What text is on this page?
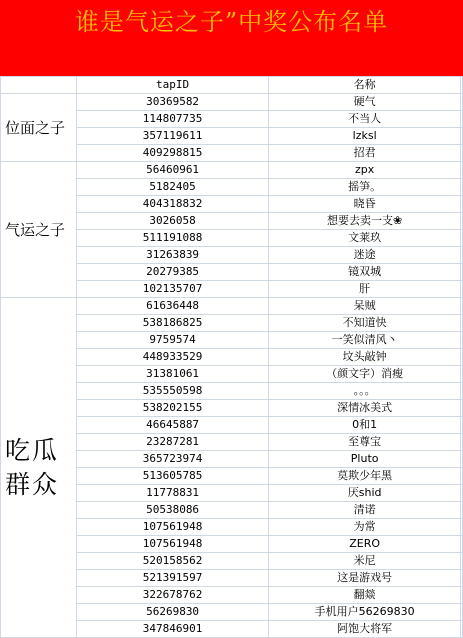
谁是气运之子”中奖公布名单
	tapID	名称	
位面之子	30369582	硬气	
	114807735	不当人	
	357119611	lzksl	
	409298815	招君	
气运之子	56460961	zpx	
	5182405	摇笋。	
	404318832	晓昏	
	3026058	想要去卖一支❀	
	511191088	文莱玖	
	31263839	迷途	
	20279385	镜双城	
	102135707	肝	
吃瓜群众	61636448	呆贼	
	538186825	不知道快	
	9759574	一笑似清风丶	
	448933529	坟头敲钟	
	31381061	（颜文字）消瘦	
	535550598	。。。	
	538202155	深情冰美式	
	46645887	0和1	
	23287281	至尊宝	
	365723974	Pluto	
	513605785	莫欺少年黑	
	11778831	厌shid	
	50538086	清诺	
	107561948	为常	
	107561948	ZERO	
	520158562	米尼	
	521391597	这是游戏号	
	322678762	翻燚	
	56269830	手机用户56269830	
	347846901	阿饱大将军	
